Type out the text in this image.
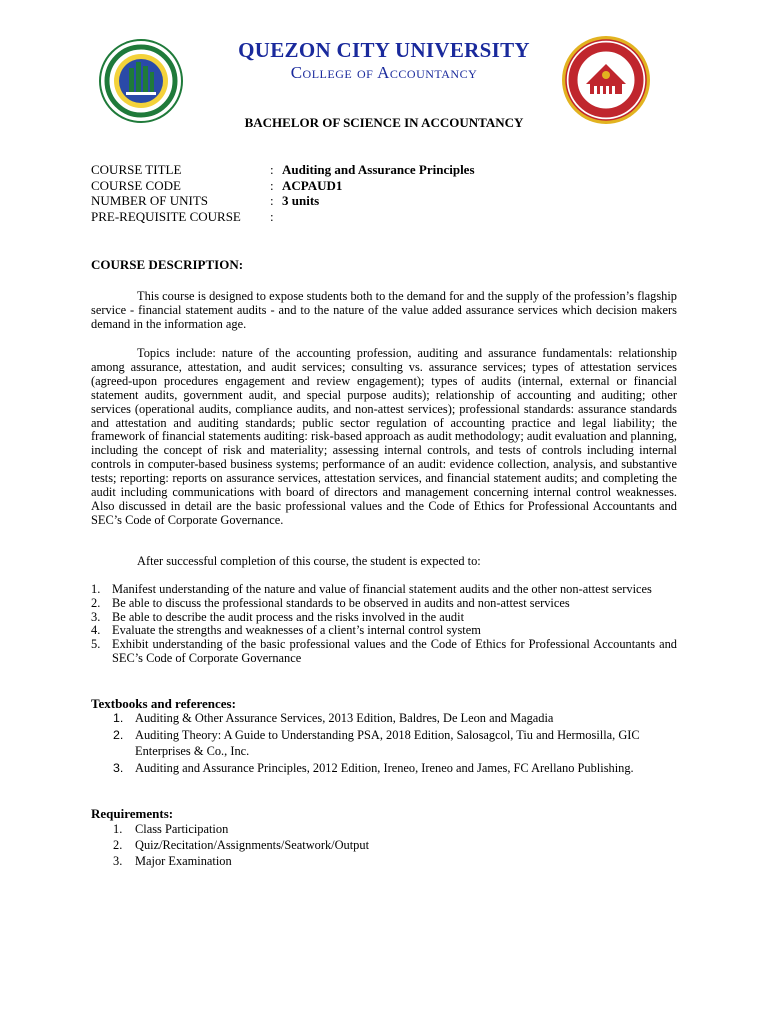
QUEZON CITY UNIVERSITY
College of Accountancy
BACHELOR OF SCIENCE IN ACCOUNTANCY
COURSE TITLE	: Auditing and Assurance Principles
COURSE CODE	: ACPAUD1
NUMBER OF UNITS	: 3 units
PRE-REQUISITE COURSE :
COURSE DESCRIPTION:

This course is designed to expose students both to the demand for and the supply of the profession’s flagship service - financial statement audits - and to the nature of the value added assurance services which decision makers demand in the information age.

Topics include: nature of the accounting profession, auditing and assurance fundamentals: relationship among assurance, attestation, and audit services; consulting vs. assurance services; types of attestation services (agreed-upon procedures engagement and review engagement); types of audits (internal, external or financial statement audits, government audit, and special purpose audits); relationship of accounting and auditing; other services (operational audits, compliance audits, and non-attest services); professional standards: assurance standards and attestation and auditing standards; public sector regulation of accounting practice and legal liability; the framework of financial statements auditing: risk-based approach as audit methodology; audit evaluation and planning, including the concept of risk and materiality; assessing internal controls, and tests of controls including internal controls in computer-based business systems; performance of an audit: evidence collection, analysis, and substantive tests; reporting: reports on assurance services, attestation services, and financial statement audits; and completing the audit including communications with board of directors and management concerning internal control weaknesses. Also discussed in detail are the basic professional values and the Code of Ethics for Professional Accountants and SEC’s Code of Corporate Governance.

After successful completion of this course, the student is expected to:

1. Manifest understanding of the nature and value of financial statement audits and the other non-attest services
2. Be able to discuss the professional standards to be observed in audits and non-attest services
3. Be able to describe the audit process and the risks involved in the audit
4. Evaluate the strengths and weaknesses of a client’s internal control system
5. Exhibit understanding of the basic professional values and the Code of Ethics for Professional Accountants and SEC’s Code of Corporate Governance
Textbooks and references:
1. Auditing & Other Assurance Services, 2013 Edition, Baldres, De Leon and Magadia
2. Auditing Theory: A Guide to Understanding PSA, 2018 Edition, Salosagcol, Tiu and Hermosilla, GIC Enterprises & Co., Inc.
3. Auditing and Assurance Principles, 2012 Edition, Ireneo, Ireneo and James, FC Arellano Publishing.
Requirements:
1. Class Participation
2. Quiz/Recitation/Assignments/Seatwork/Output
3. Major Examination
